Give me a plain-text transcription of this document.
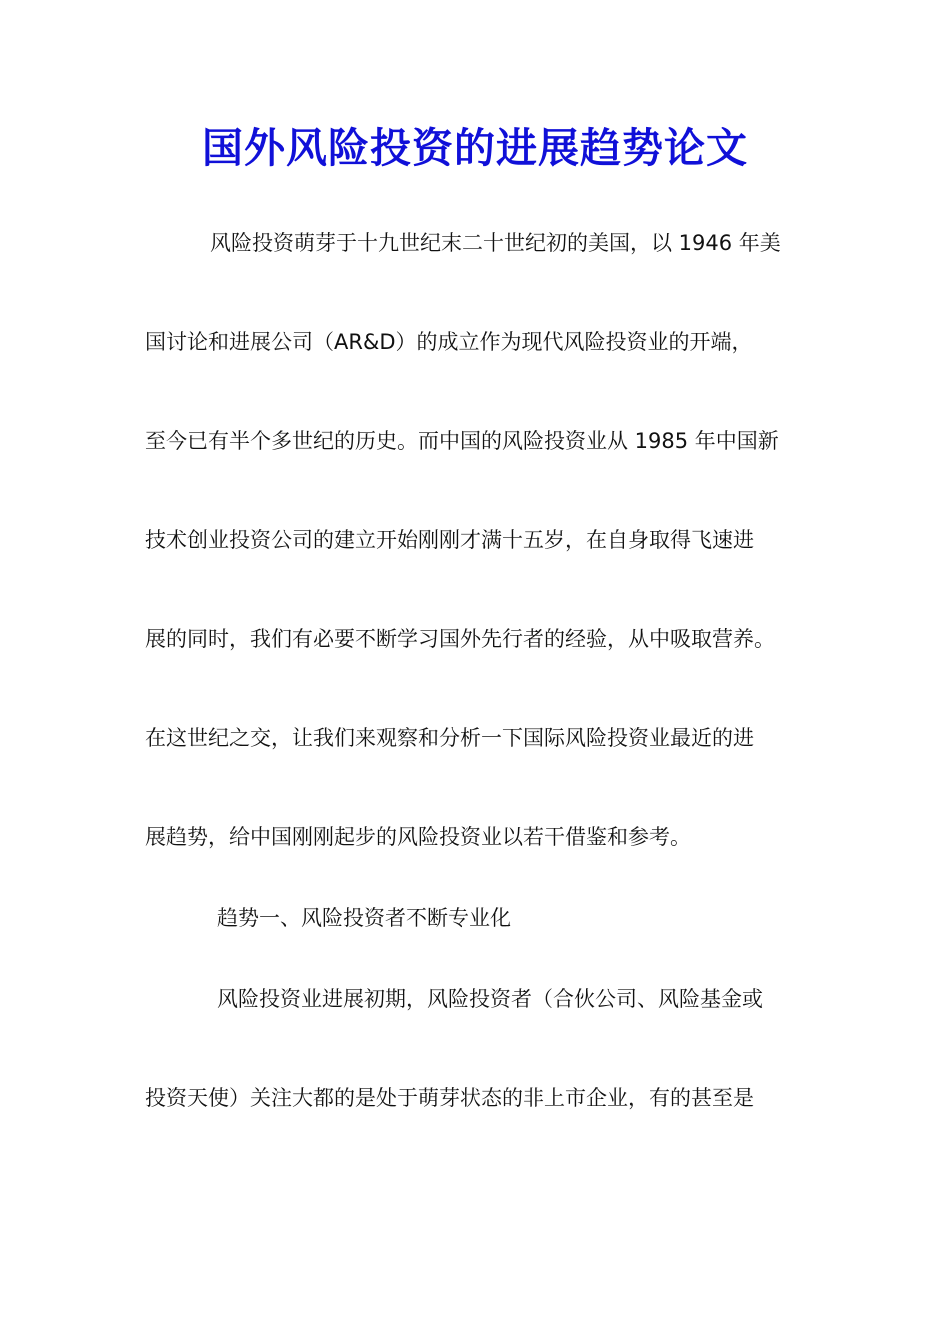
国外风险投资的进展趋势论文
风险投资萌芽于十九世纪末二十世纪初的美国，以 1946 年美
国讨论和进展公司（AR&D）的成立作为现代风险投资业的开端，
至今已有半个多世纪的历史。而中国的风险投资业从 1985 年中国新
技术创业投资公司的建立开始刚刚才满十五岁，在自身取得飞速进
展的同时，我们有必要不断学习国外先行者的经验，从中吸取营养。
在这世纪之交，让我们来观察和分析一下国际风险投资业最近的进
展趋势，给中国刚刚起步的风险投资业以若干借鉴和参考。
趋势一、风险投资者不断专业化
风险投资业进展初期，风险投资者（合伙公司、风险基金或
投资天使）关注大都的是处于萌芽状态的非上市企业，有的甚至是
